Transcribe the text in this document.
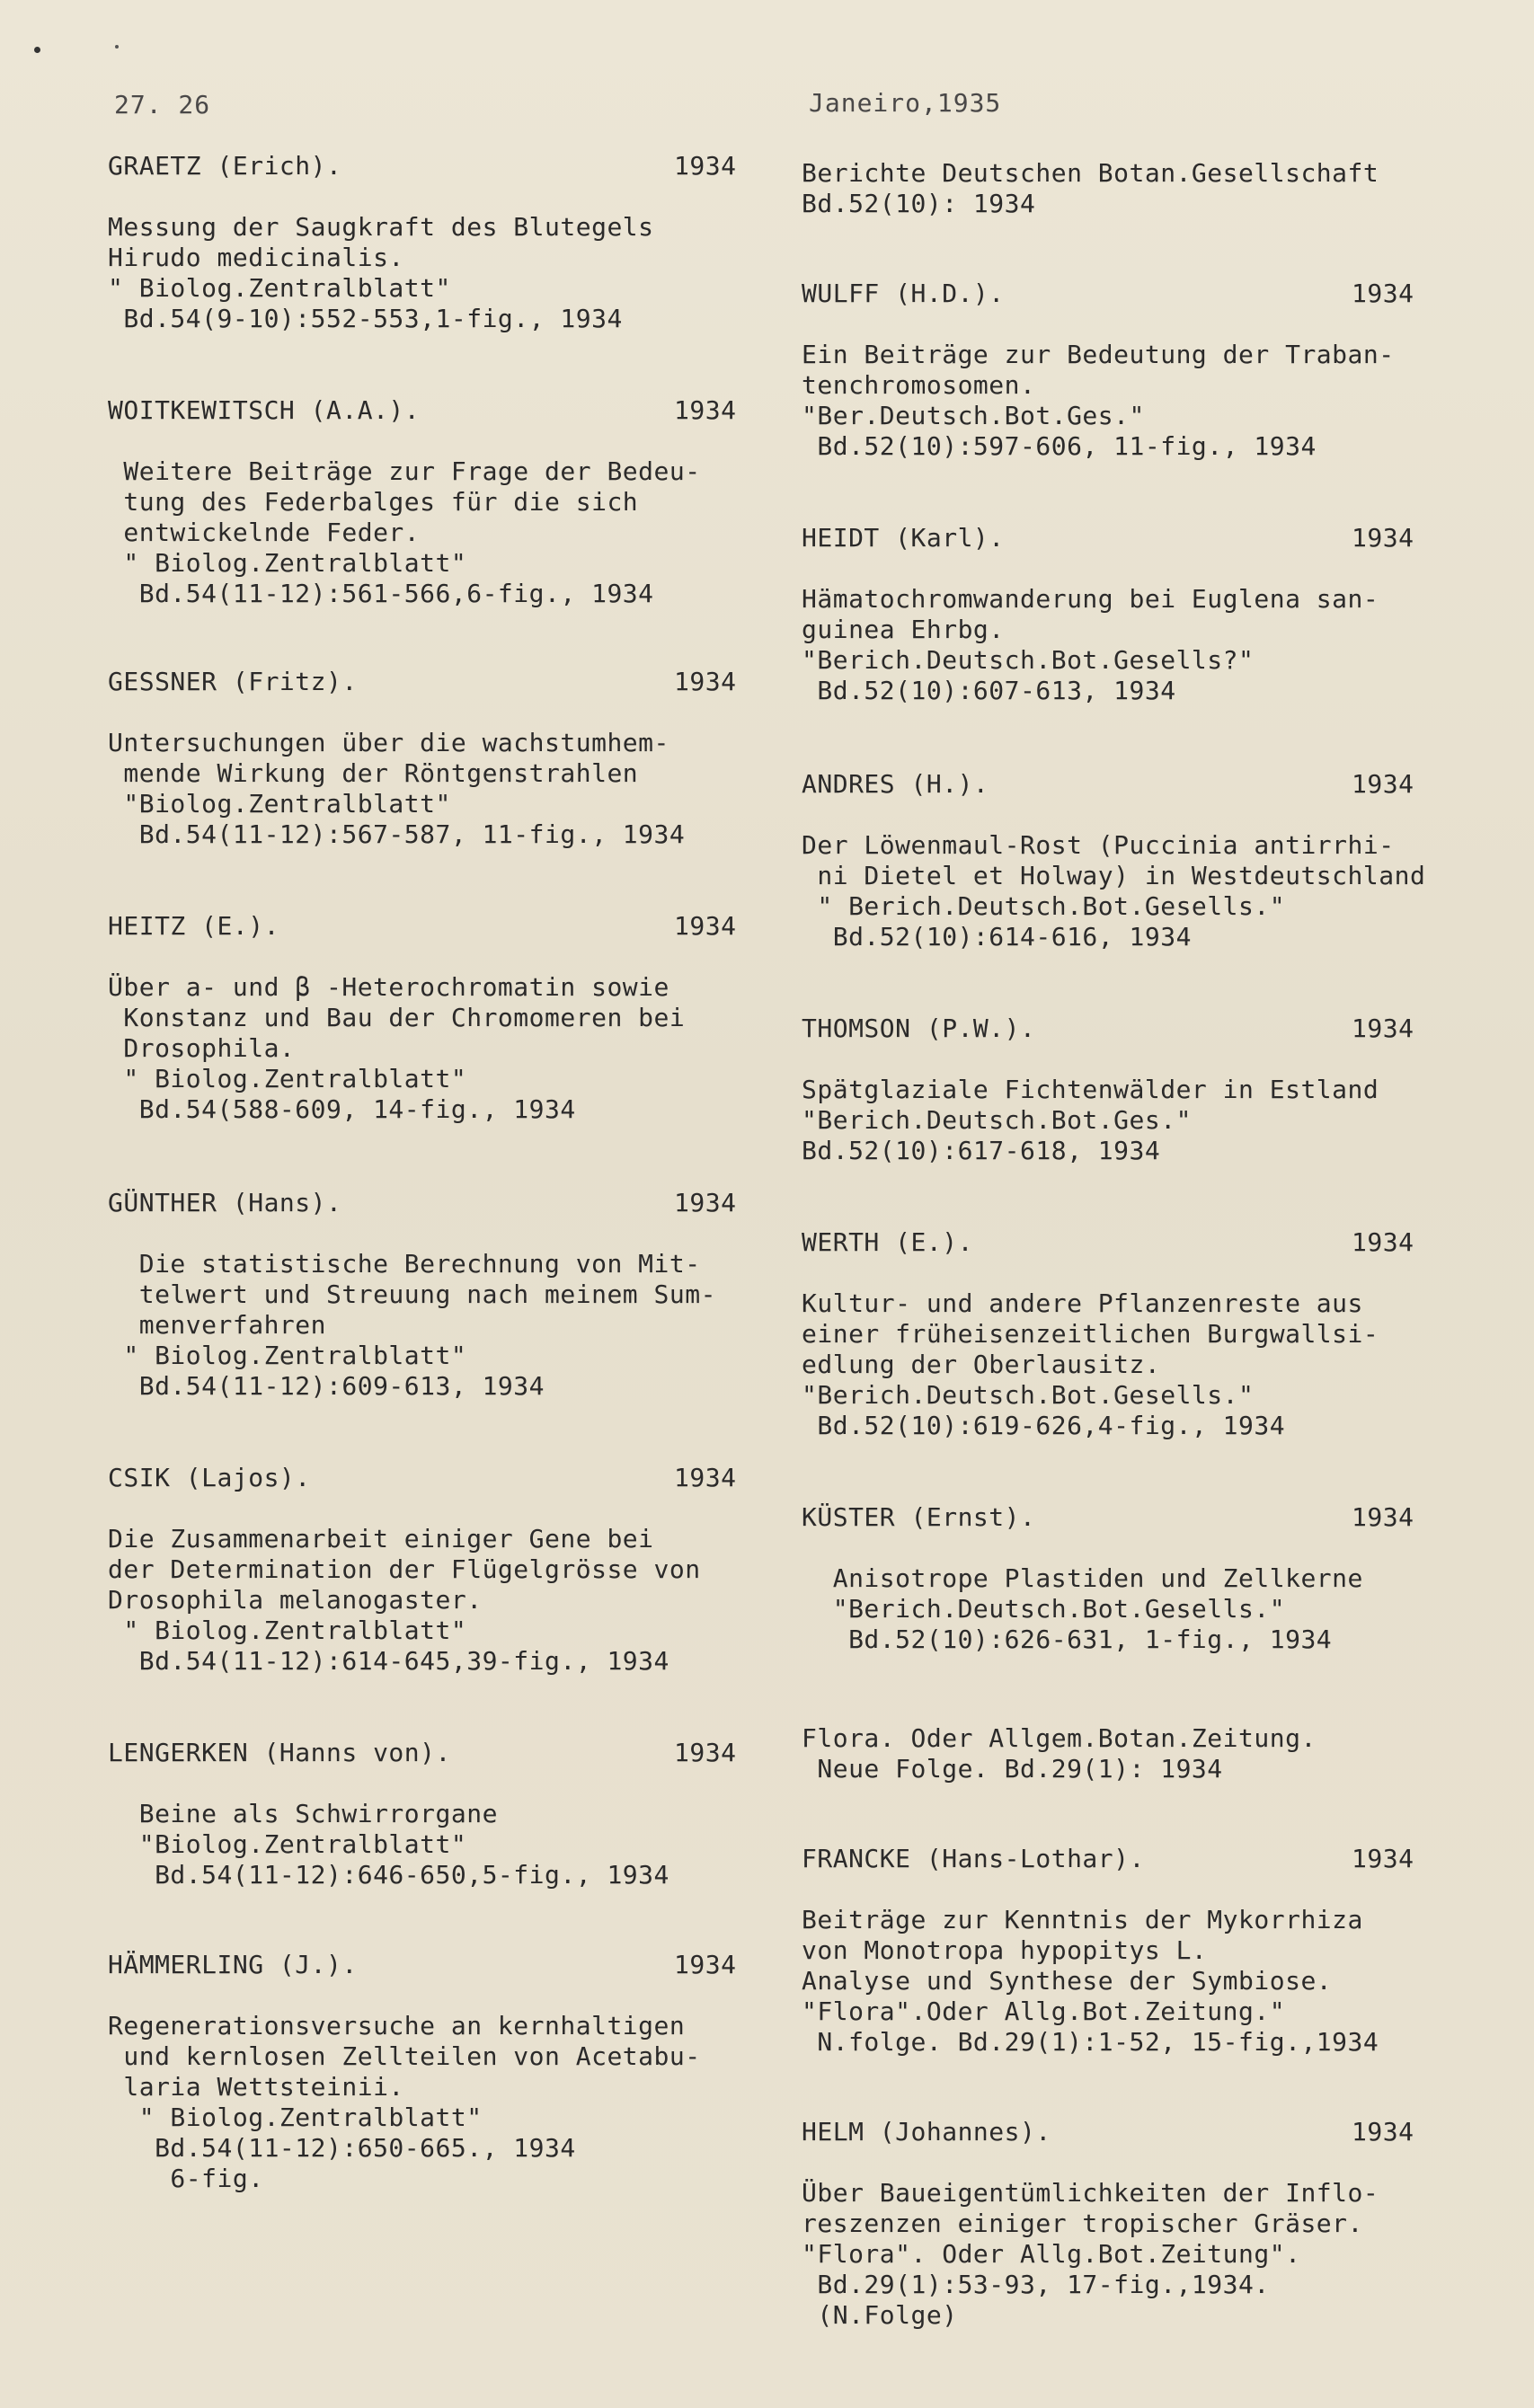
27. 26	Janeiro,1935
GRAETZ (Erich).	1934
Messung der Saugkraft des Blutegels
Hirudo medicinalis.
" Biolog.Zentralblatt"
Bd.54(9-10):552-553,1-fig., 1934
WOITKEWITSCH (A.A.).	1934
Weitere Beiträge zur Frage der Bedeu-
tung des Federbalges für die sich
entwickelnde Feder.
" Biolog.Zentralblatt"
Bd.54(11-12):561-566,6-fig., 1934
GESSNER (Fritz).	1934
Untersuchungen über die wachstumhem-
mende Wirkung der Röntgenstrahlen
"Biolog.Zentralblatt"
Bd.54(11-12):567-587, 11-fig., 1934
HEITZ (E.).	1934
Über a- und β -Heterochromatin sowie
Konstanz und Bau der Chromomeren bei
Drosophila.
" Biolog.Zentralblatt"
Bd.54(588-609, 14-fig., 1934
GÜNTHER (Hans).	1934
Die statistische Berechnung von Mit-
telwert und Streuung nach meinem Sum-
menverfahren
" Biolog.Zentralblatt"
Bd.54(11-12):609-613, 1934
CSIK (Lajos).	1934
Die Zusammenarbeit einiger Gene bei
der Determination der Flügelgrösse von
Drosophila melanogaster.
" Biolog.Zentralblatt"
Bd.54(11-12):614-645,39-fig., 1934
LENGERKEN (Hanns von).	1934
Beine als Schwirrorgane
"Biolog.Zentralblatt"
Bd.54(11-12):646-650,5-fig., 1934
HÄMMERLING (J.).	1934
Regenerationsversuche an kernhaltigen
und kernlosen Zellteilen von Acetabu-
laria Wettsteinii.
" Biolog.Zentralblatt"
Bd.54(11-12):650-665., 1934
6-fig.
Berichte Deutschen Botan.Gesellschaft
Bd.52(10): 1934
WULFF (H.D.).	1934
Ein Beiträge zur Bedeutung der Traban-
tenchromosomen.
"Ber.Deutsch.Bot.Ges."
Bd.52(10):597-606, 11-fig., 1934
HEIDT (Karl).	1934
Hämatochromwanderung bei Euglena san-
guinea Ehrbg.
"Berich.Deutsch.Bot.Gesells?"
Bd.52(10):607-613, 1934
ANDRES (H.).	1934
Der Löwenmaul-Rost (Puccinia antirrhi-
ni Dietel et Holway) in Westdeutschland
" Berich.Deutsch.Bot.Gesells."
Bd.52(10):614-616, 1934
THOMSON (P.W.).	1934
Spätglaziale Fichtenwälder in Estland
"Berich.Deutsch.Bot.Ges."
Bd.52(10):617-618, 1934
WERTH (E.).	1934
Kultur- und andere Pflanzenreste aus
einer früheisenzeitlichen Burgwallsi-
edlung der Oberlausitz.
"Berich.Deutsch.Bot.Gesells."
Bd.52(10):619-626,4-fig., 1934
KÜSTER (Ernst).	1934
Anisotrope Plastiden und Zellkerne
"Berich.Deutsch.Bot.Gesells."
Bd.52(10):626-631, 1-fig., 1934
Flora. Oder Allgem.Botan.Zeitung.
Neue Folge. Bd.29(1): 1934
FRANCKE (Hans-Lothar).	1934
Beiträge zur Kenntnis der Mykorrhiza
von Monotropa hypopitys L.
Analyse und Synthese der Symbiose.
"Flora".Oder Allg.Bot.Zeitung."
N.folge. Bd.29(1):1-52, 15-fig.,1934
HELM (Johannes).	1934
Über Baueigentümlichkeiten der Inflo-
reszenzen einiger tropischer Gräser.
"Flora". Oder Allg.Bot.Zeitung".
Bd.29(1):53-93, 17-fig.,1934.
(N.Folge)
